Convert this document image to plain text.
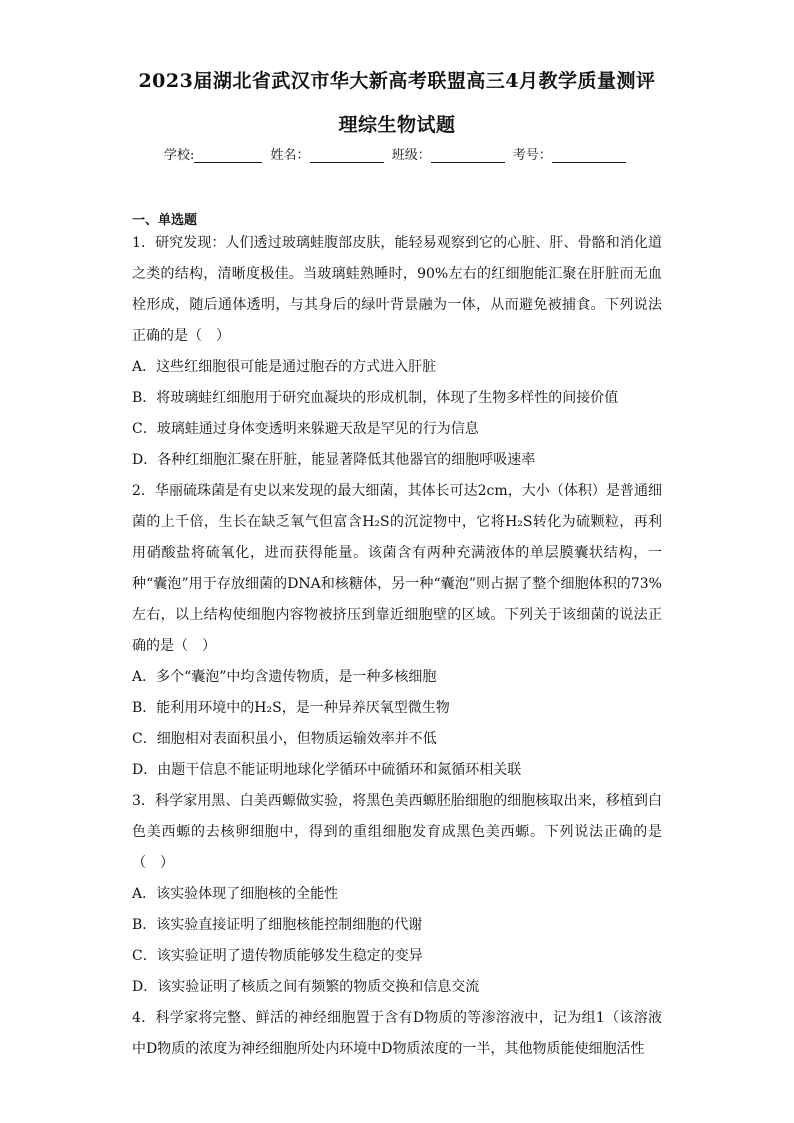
2023届湖北省武汉市华大新高考联盟高三4月教学质量测评
理综生物试题
学校:	姓名：	班级：	考号：
一、单选题

1．研究发现：人们透过玻璃蛙腹部皮肤，能轻易观察到它的心脏、肝、骨骼和消化道之类的结构，清晰度极佳。当玻璃蛙熟睡时，90%左右的红细胞能汇聚在肝脏而无血栓形成，随后通体透明，与其身后的绿叶背景融为一体，从而避免被捕食。下列说法正确的是（　）

A．这些红细胞很可能是通过胞吞的方式进入肝脏

B．将玻璃蛙红细胞用于研究血凝块的形成机制，体现了生物多样性的间接价值

C．玻璃蛙通过身体变透明来躲避天敌是罕见的行为信息

D．各种红细胞汇聚在肝脏，能显著降低其他器官的细胞呼吸速率

2．华丽硫珠菌是有史以来发现的最大细菌，其体长可达2cm，大小（体积）是普通细菌的上千倍，生长在缺乏氧气但富含H₂S的沉淀物中，它将H₂S转化为硫颗粒，再利用硝酸盐将硫氧化，进而获得能量。该菌含有两种充满液体的单层膜囊状结构，一种“囊泡”用于存放细菌的DNA和核糖体，另一种“囊泡”则占据了整个细胞体积的73%左右，以上结构使细胞内容物被挤压到靠近细胞壁的区域。下列关于该细菌的说法正确的是（　）

A．多个“囊泡”中均含遗传物质，是一种多核细胞

B．能利用环境中的H₂S，是一种异养厌氧型微生物

C．细胞相对表面积虽小，但物质运输效率并不低

D．由题干信息不能证明地球化学循环中硫循环和氮循环相关联

3．科学家用黑、白美西螈做实验，将黑色美西螈胚胎细胞的细胞核取出来，移植到白色美西螈的去核卵细胞中，得到的重组细胞发育成黑色美西螈。下列说法正确的是（　）

A．该实验体现了细胞核的全能性

B．该实验直接证明了细胞核能控制细胞的代谢

C．该实验证明了遗传物质能够发生稳定的变异

D．该实验证明了核质之间有频繁的物质交换和信息交流

4．科学家将完整、鲜活的神经细胞置于含有D物质的等渗溶液中，记为组1（该溶液中D物质的浓度为神经细胞所处内环境中D物质浓度的一半，其他物质能使细胞活性
